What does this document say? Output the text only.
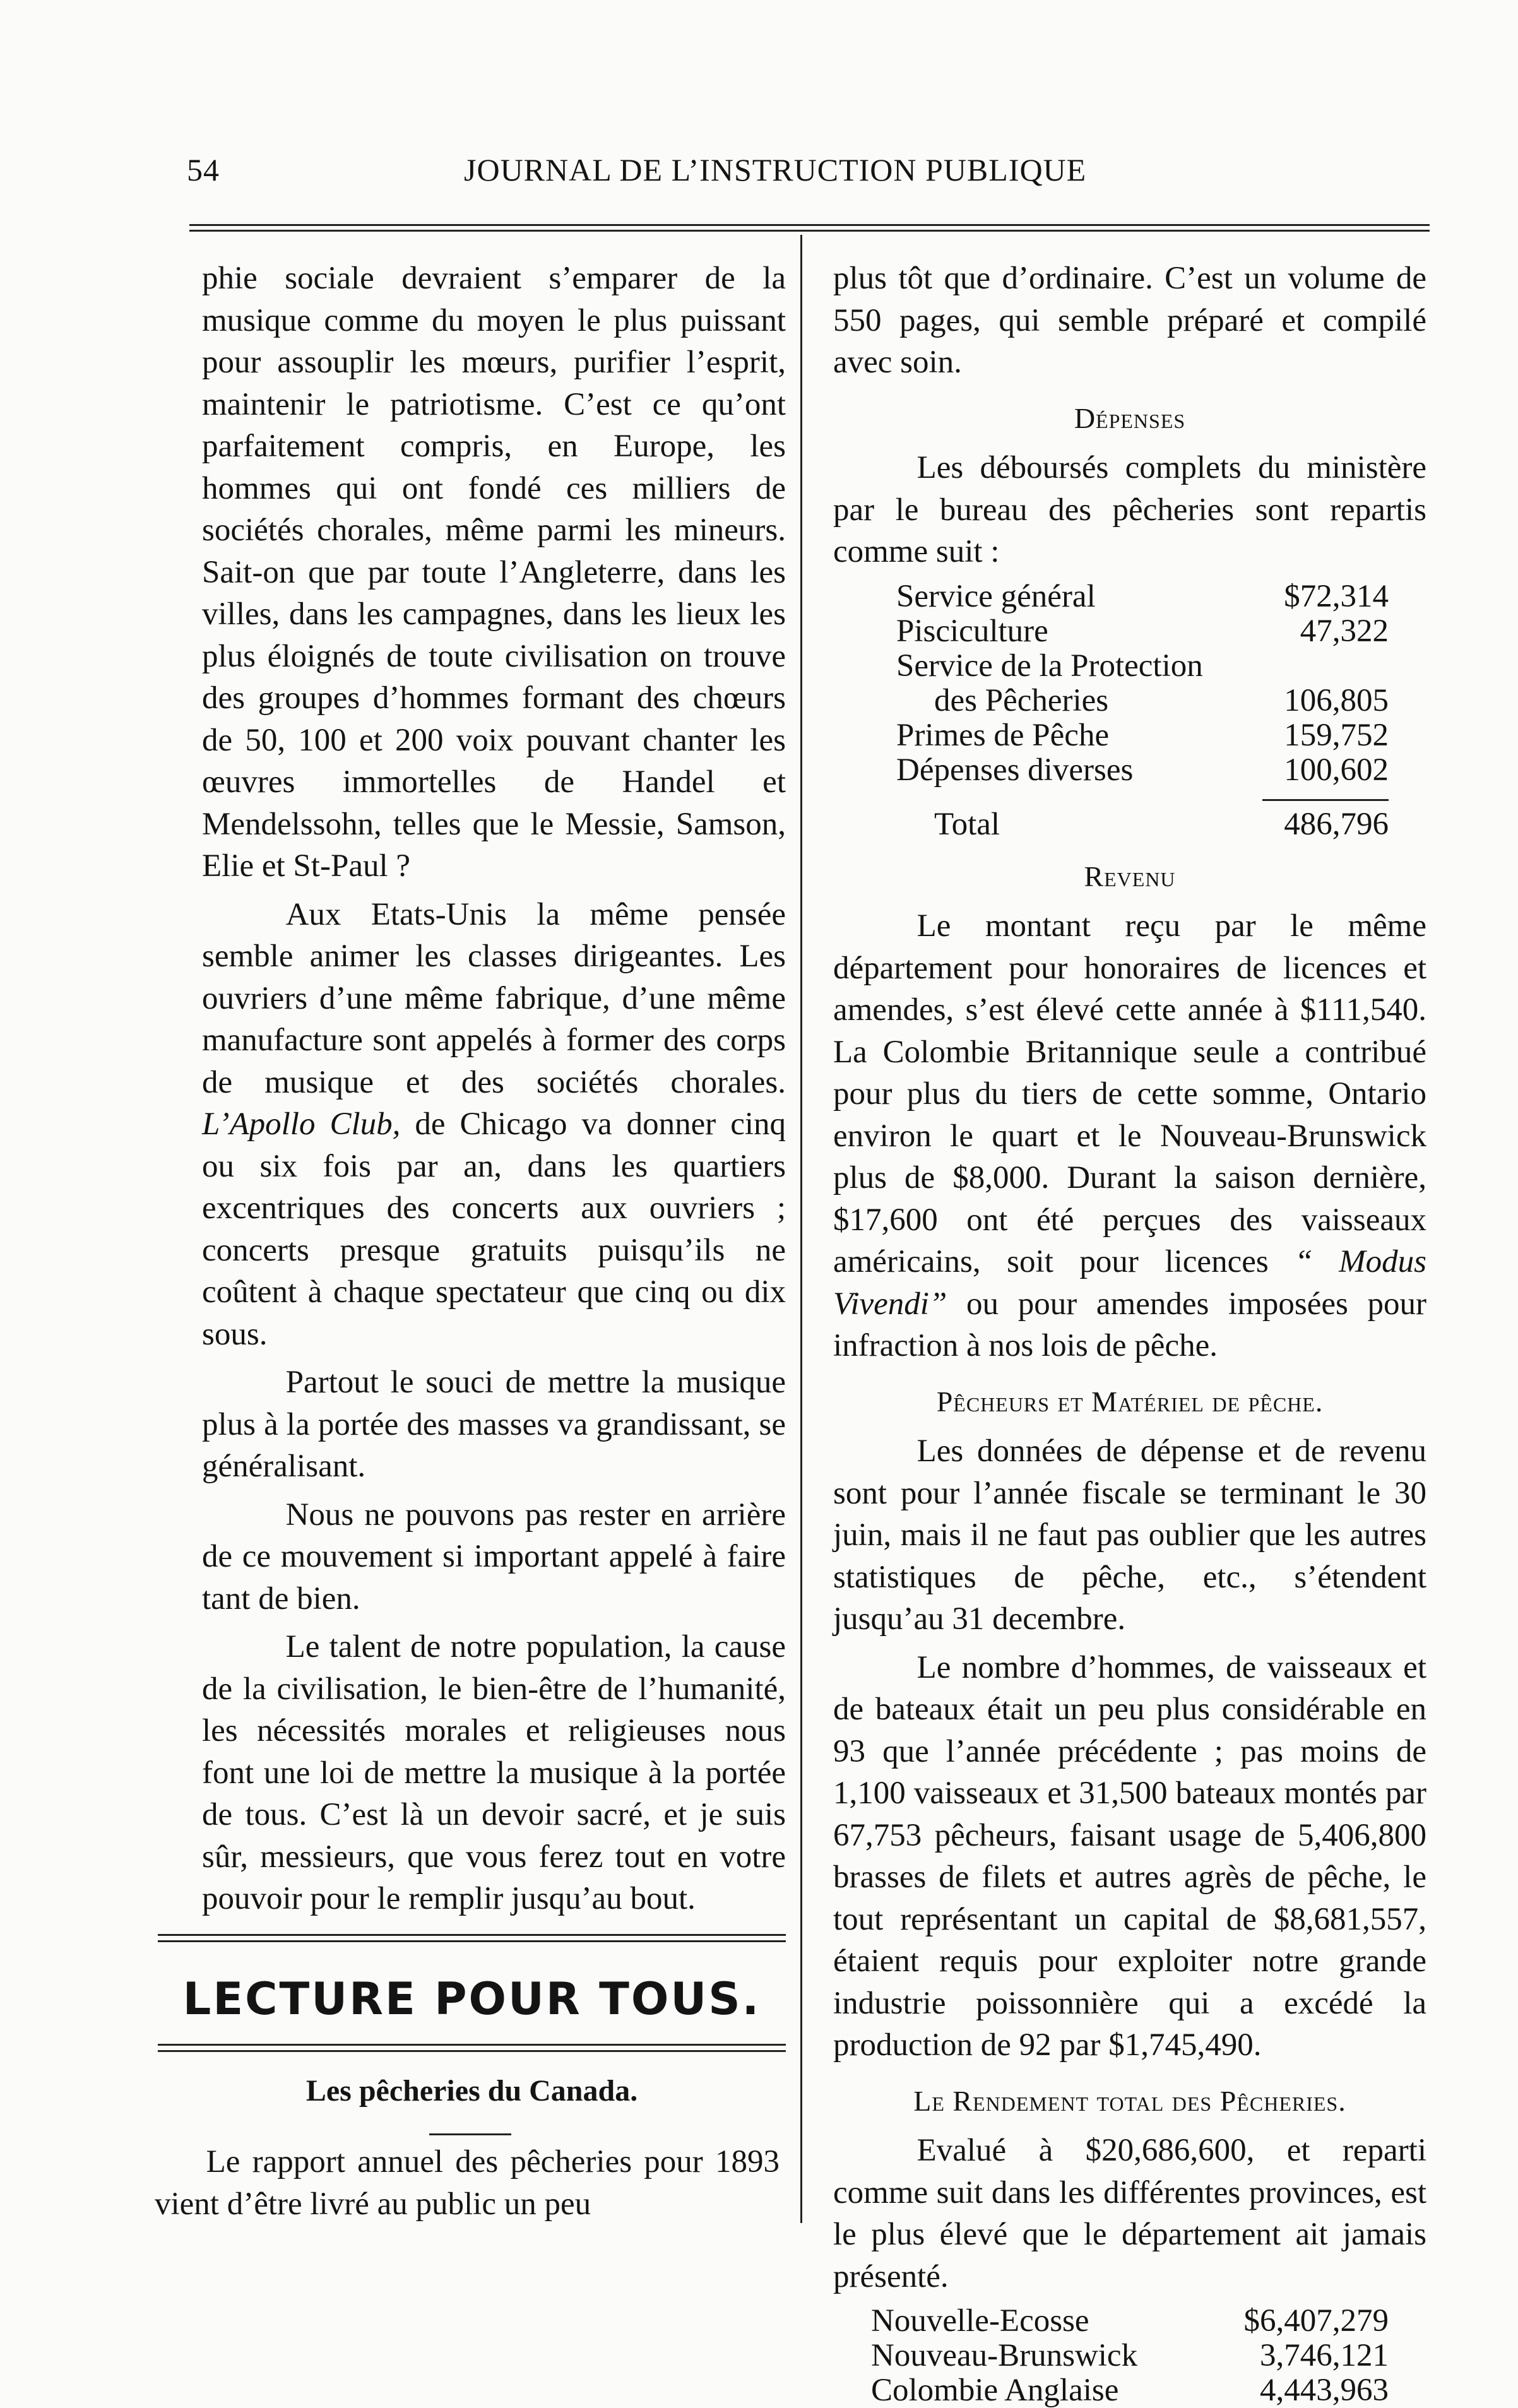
54	JOURNAL DE L’INSTRUCTION PUBLIQUE

phie sociale devraient s’emparer de la musique comme du moyen le plus puissant pour assouplir les mœurs, purifier l’esprit, maintenir le patriotisme. C’est ce qu’ont parfaitement compris, en Europe, les hommes qui ont fondé ces milliers de sociétés chorales, même parmi les mineurs. Sait-on que par toute l’Angleterre, dans les villes, dans les campagnes, dans les lieux les plus éloignés de toute civilisation on trouve des groupes d’hommes formant des chœurs de 50, 100 et 200 voix pouvant chanter les œuvres immortelles de Handel et Mendelssohn, telles que le Messie, Samson, Elie et St-Paul ?

Aux Etats-Unis la même pensée semble animer les classes dirigeantes. Les ouvriers d’une même fabrique, d’une même manufacture sont appelés à former des corps de musique et des sociétés chorales. L’Apollo Club, de Chicago va donner cinq ou six fois par an, dans les quartiers excentriques des concerts aux ouvriers ; concerts presque gratuits puisqu’ils ne coûtent à chaque spectateur que cinq ou dix sous.

Partout le souci de mettre la musique plus à la portée des masses va grandissant, se généralisant.

Nous ne pouvons pas rester en arrière de ce mouvement si important appelé à faire tant de bien.

Le talent de notre population, la cause de la civilisation, le bien-être de l’humanité, les nécessités morales et religieuses nous font une loi de mettre la musique à la portée de tous. C’est là un devoir sacré, et je suis sûr, messieurs, que vous ferez tout en votre pouvoir pour le remplir jusqu’au bout.

LECTURE POUR TOUS.
Les pêcheries du Canada.

Le rapport annuel des pêcheries pour 1893 vient d’être livré au public un peu

plus tôt que d’ordinaire. C’est un volume de 550 pages, qui semble préparé et compilé avec soin.

Dépenses

Les déboursés complets du ministère par le bureau des pêcheries sont repartis comme suit :

Service général	$72,314
Pisciculture	47,322
Service de la Protection	
des Pêcheries	106,805
Primes de Pêche	159,752
Dépenses diverses	100,602

Total	486,796
Revenu

Le montant reçu par le même département pour honoraires de licences et amendes, s’est élevé cette année à $111,540. La Colombie Britannique seule a contribué pour plus du tiers de cette somme, Ontario environ le quart et le Nouveau-Brunswick plus de $8,000. Durant la saison dernière, $17,600 ont été perçues des vaisseaux américains, soit pour licences “ Modus Vivendi” ou pour amendes imposées pour infraction à nos lois de pêche.

Pêcheurs et Matériel de pêche.

Les données de dépense et de revenu sont pour l’année fiscale se terminant le 30 juin, mais il ne faut pas oublier que les autres statistiques de pêche, etc., s’étendent jusqu’au 31 decembre.

Le nombre d’hommes, de vaisseaux et de bateaux était un peu plus considérable en 93 que l’année précédente ; pas moins de 1,100 vaisseaux et 31,500 bateaux montés par 67,753 pêcheurs, faisant usage de 5,406,800 brasses de filets et autres agrès de pêche, le tout représentant un capital de $8,681,557, étaient requis pour exploiter notre grande industrie poissonnière qui a excédé la production de 92 par $1,745,490.

Le Rendement total des Pêcheries.

Evalué à $20,686,600, et reparti comme suit dans les différentes provinces, est le plus élevé que le département ait jamais présenté.

Nouvelle-Ecosse	$6,407,279
Nouveau-Brunswick	3,746,121
Colombie Anglaise	4,443,963
